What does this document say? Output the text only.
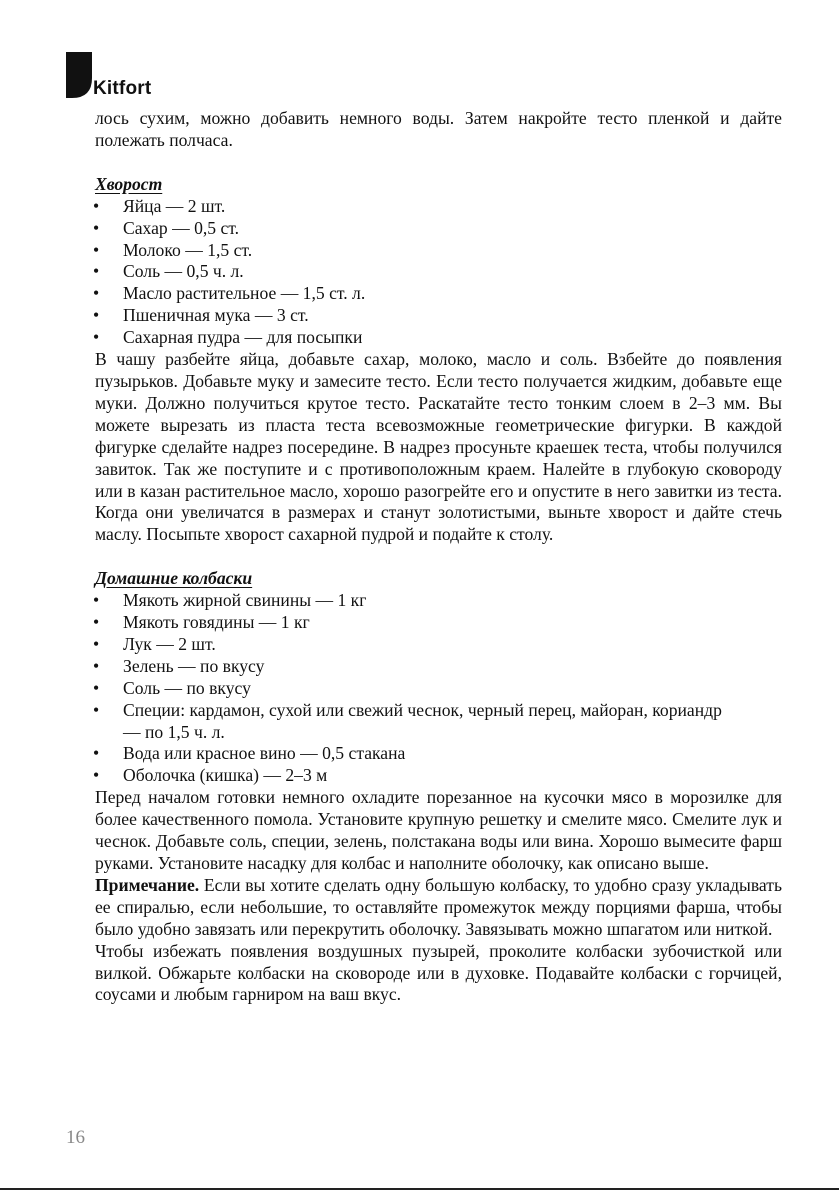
Kitfort

лось сухим, можно добавить немного воды. Затем накройте тесто пленкой и дайте полежать полчаса.

Хворост

• Яйца — 2 шт.
• Сахар — 0,5 ст.
• Молоко — 1,5 ст.
• Соль — 0,5 ч. л.
• Масло растительное — 1,5 ст. л.
• Пшеничная мука — 3 ст.
• Сахарная пудра — для посыпки

В чашу разбейте яйца, добавьте сахар, молоко, масло и соль. Взбейте до появления пузырьков. Добавьте муку и замесите тесто. Если тесто получается жидким, добавьте еще муки. Должно получиться крутое тесто. Раскатайте тесто тонким слоем в 2–3 мм. Вы можете вырезать из пласта теста всевозможные геометрические фигурки. В каждой фигурке сделайте надрез посередине. В надрез просуньте краешек теста, чтобы получился завиток. Так же поступите и с противоположным краем. Налейте в глубокую сковороду или в казан растительное масло, хорошо разогрейте его и опустите в него завитки из теста. Когда они увеличатся в размерах и станут золотистыми, выньте хворост и дайте стечь маслу. Посыпьте хворост сахарной пудрой и подайте к столу.

Домашние колбаски

• Мякоть жирной свинины — 1 кг
• Мякоть говядины — 1 кг
• Лук — 2 шт.
• Зелень — по вкусу
• Соль — по вкусу
• Специи: кардамон, сухой или свежий чеснок, черный перец, майоран, кориандр — по 1,5 ч. л.
• Вода или красное вино — 0,5 стакана
• Оболочка (кишка) — 2–3 м

Перед началом готовки немного охладите порезанное на кусочки мясо в морозилке для более качественного помола. Установите крупную решетку и смелите мясо. Смелите лук и чеснок. Добавьте соль, специи, зелень, полстакана воды или вина. Хорошо вымесите фарш руками. Установите насадку для колбас и наполните оболочку, как описано выше.

Примечание. Если вы хотите сделать одну большую колбаску, то удобно сразу укладывать ее спиралью, если небольшие, то оставляйте промежуток между порциями фарша, чтобы было удобно завязать или перекрутить оболочку. Завязывать можно шпагатом или ниткой.

Чтобы избежать появления воздушных пузырей, проколите колбаски зубочисткой или вилкой. Обжарьте колбаски на сковороде или в духовке. Подавайте колбаски с горчицей, соусами и любым гарниром на ваш вкус.

16
